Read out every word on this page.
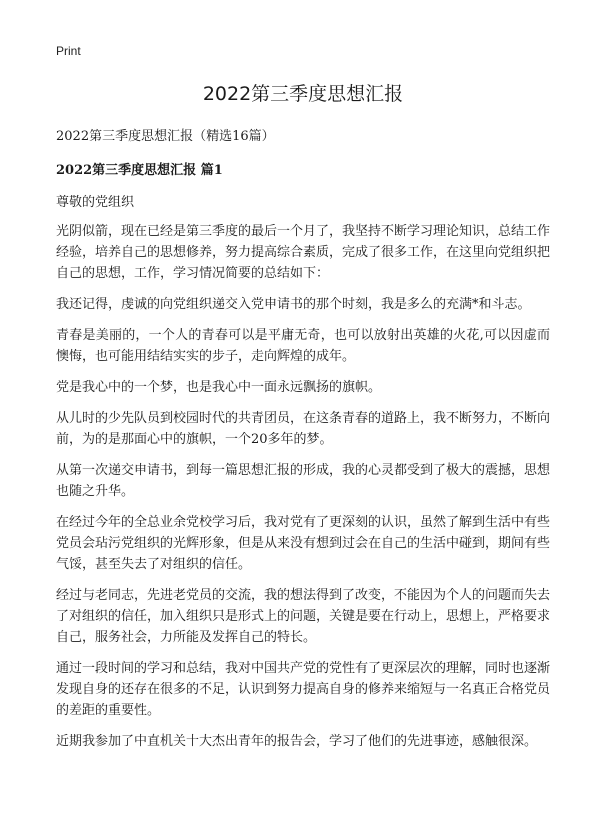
Print
2022第三季度思想汇报
2022第三季度思想汇报（精选16篇）
2022第三季度思想汇报 篇1

尊敬的党组织

光阴似箭，现在已经是第三季度的最后一个月了，我坚持不断学习理论知识，总结工作经验，培养自己的思想修养，努力提高综合素质，完成了很多工作，在这里向党组织把自己的思想，工作，学习情况简要的总结如下：

我还记得，虔诚的向党组织递交入党申请书的那个时刻，我是多么的充满*和斗志。

青春是美丽的，一个人的青春可以是平庸无奇，也可以放射出英雄的火花,可以因虚而懊悔，也可能用结结实实的步子，走向辉煌的成年。

党是我心中的一个梦，也是我心中一面永远飘扬的旗帜。

从儿时的少先队员到校园时代的共青团员，在这条青春的道路上，我不断努力，不断向前，为的是那面心中的旗帜，一个20多年的梦。

从第一次递交申请书，到每一篇思想汇报的形成，我的心灵都受到了极大的震撼，思想也随之升华。

在经过今年的全总业余党校学习后，我对党有了更深刻的认识，虽然了解到生活中有些党员会玷污党组织的光辉形象，但是从来没有想到过会在自己的生活中碰到，期间有些气馁，甚至失去了对组织的信任。

经过与老同志，先进老党员的交流，我的想法得到了改变，不能因为个人的问题而失去了对组织的信任，加入组织只是形式上的问题，关键是要在行动上，思想上，严格要求自己，服务社会，力所能及发挥自己的特长。

通过一段时间的学习和总结，我对中国共产党的党性有了更深层次的理解，同时也逐渐发现自身的还存在很多的不足，认识到努力提高自身的修养来缩短与一名真正合格党员的差距的重要性。

近期我参加了中直机关十大杰出青年的报告会，学习了他们的先进事迹，感触很深。
